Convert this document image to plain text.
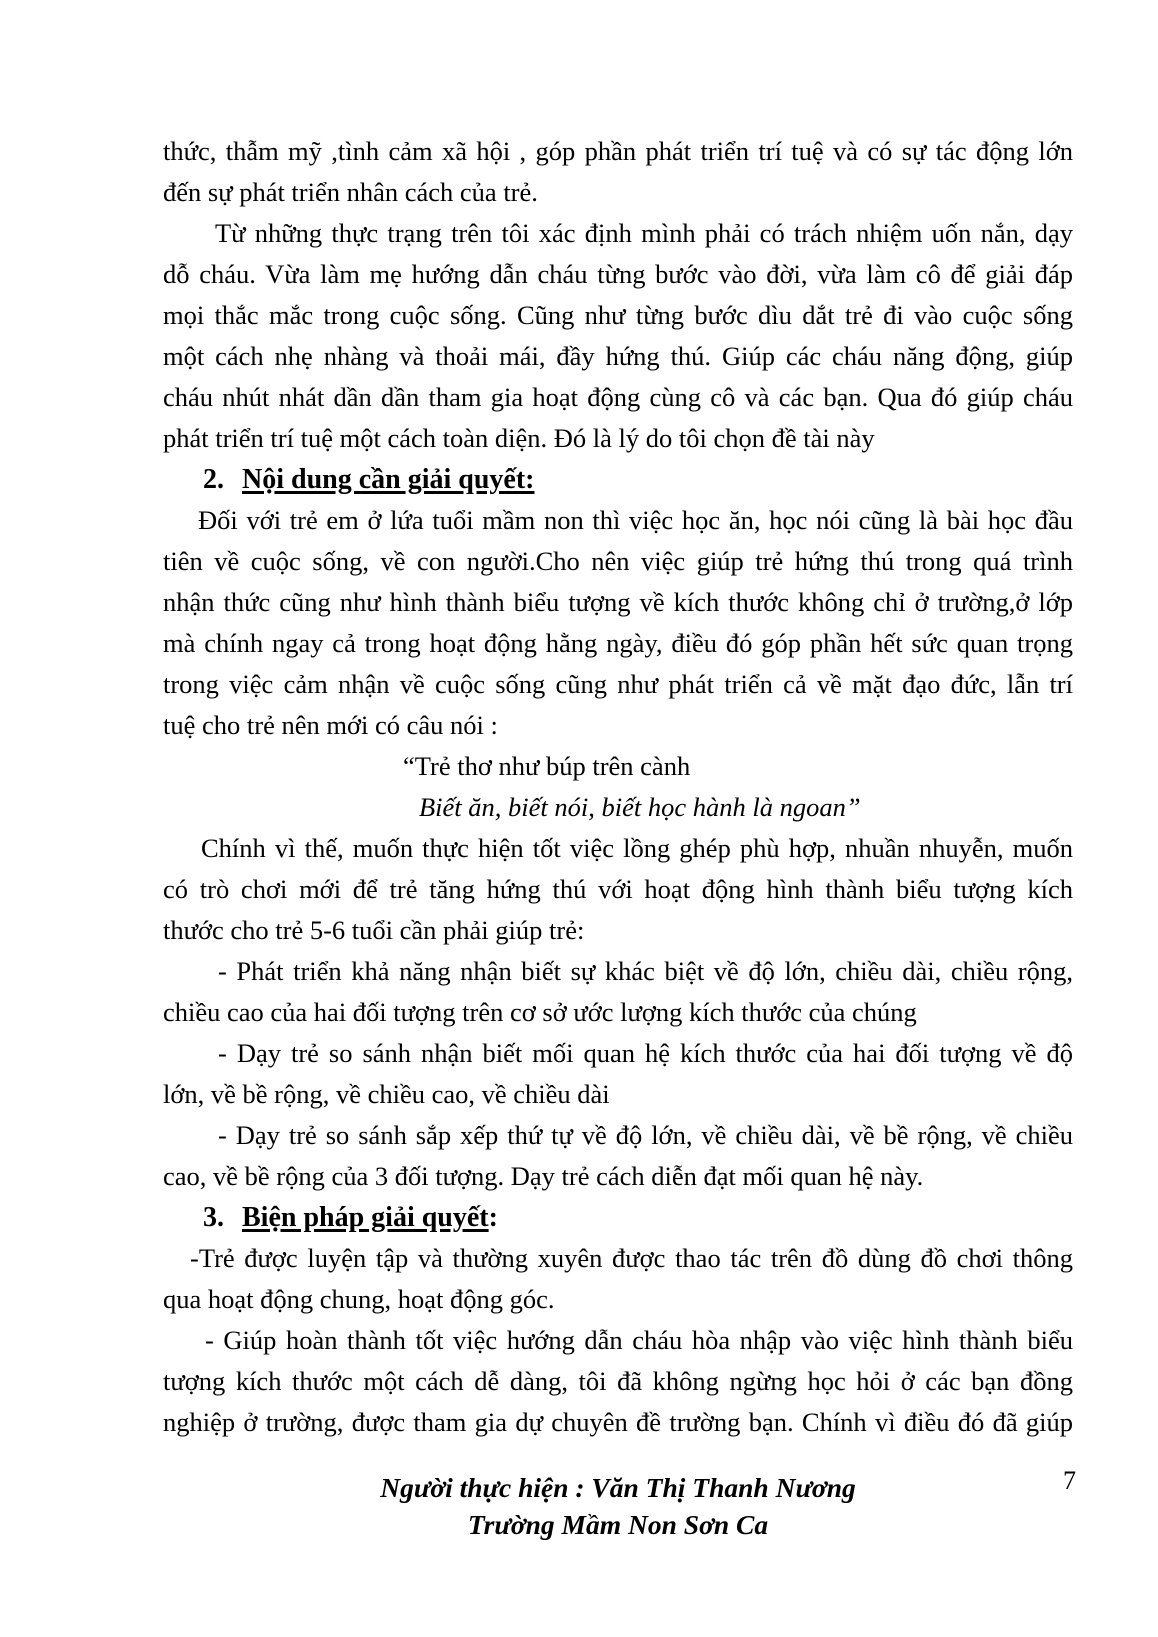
thức, thẫm mỹ ,tình cảm xã hội , góp phần phát triển trí tuệ và có sự tác động lớn
đến sự phát triển nhân cách của trẻ.
Từ những thực trạng trên tôi xác định mình phải có trách nhiệm uốn nắn, dạy
dỗ cháu. Vừa làm mẹ hướng dẫn cháu từng bước vào đời, vừa làm cô để giải đáp
mọi thắc mắc trong cuộc sống. Cũng như từng bước dìu dắt trẻ đi vào cuộc sống
một cách nhẹ nhàng và thoải mái, đầy hứng thú. Giúp các cháu năng động, giúp
cháu nhút nhát dần dần tham gia hoạt động cùng cô và các bạn. Qua đó giúp cháu
phát triển trí tuệ một cách toàn diện. Đó là lý do tôi chọn đề tài này
2. Nội dung cần giải quyết:
Đối với trẻ em ở lứa tuổi mầm non thì việc học ăn, học nói cũng là bài học đầu
tiên về cuộc sống, về con người.Cho nên việc giúp trẻ hứng thú trong quá trình
nhận thức cũng như hình thành biểu tượng về kích thước không chỉ ở trường,ở lớp
mà chính ngay cả trong hoạt động hằng ngày, điều đó góp phần hết sức quan trọng
trong việc cảm nhận về cuộc sống cũng như phát triển cả về mặt đạo đức, lẫn trí
tuệ cho trẻ nên mới có câu nói :
“Trẻ thơ như búp trên cành
Biết ăn, biết nói, biết học hành là ngoan”
Chính vì thế, muốn thực hiện tốt việc lồng ghép phù hợp, nhuần nhuyễn, muốn
có trò chơi mới để trẻ tăng hứng thú với hoạt động hình thành biểu tượng kích
thước cho trẻ 5-6 tuổi cần phải giúp trẻ:
- Phát triển khả năng nhận biết sự khác biệt về độ lớn, chiều dài, chiều rộng,
chiều cao của hai đối tượng trên cơ sở ước lượng kích thước của chúng
- Dạy trẻ so sánh nhận biết mối quan hệ kích thước của hai đối tượng về độ
lớn, về bề rộng, về chiều cao, về chiều dài
- Dạy trẻ so sánh sắp xếp thứ tự về độ lớn, về chiều dài, về bề rộng, về chiều
cao, về bề rộng của 3 đối tượng. Dạy trẻ cách diễn đạt mối quan hệ này.
3. Biện pháp giải quyết:
-Trẻ được luyện tập và thường xuyên được thao tác trên đồ dùng đồ chơi thông
qua hoạt động chung, hoạt động góc.
- Giúp hoàn thành tốt việc hướng dẫn cháu hòa nhập vào việc hình thành biểu
tượng kích thước một cách dễ dàng, tôi đã không ngừng học hỏi ở các bạn đồng
nghiệp ở trường, được tham gia dự chuyên đề trường bạn. Chính vì điều đó đã giúp
Người thực hiện : Văn Thị Thanh Nương
Trường Mầm Non Sơn Ca
7
